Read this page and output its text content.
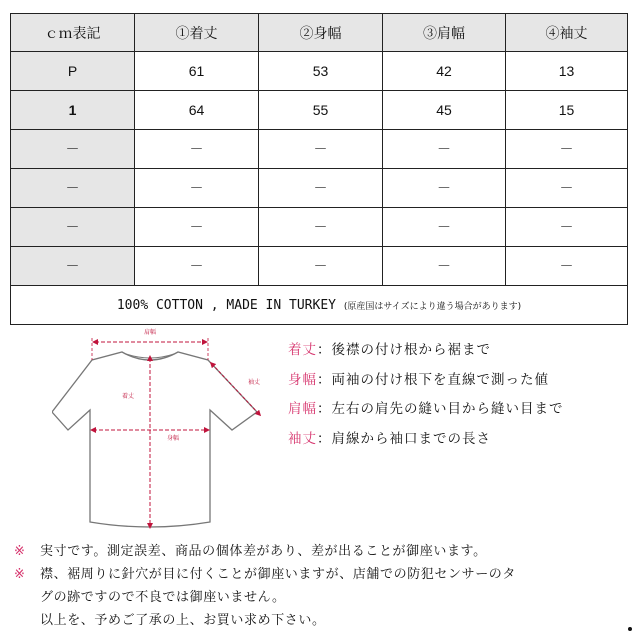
ｃｍ表記	①着丈	②身幅	③肩幅	④袖丈
P	61	53	42	13
1	64	55	45	15
－	－	－	－	－
－	－	－	－	－
－	－	－	－	－
－	－	－	－	－
100% COTTON , MADE IN TURKEY (原産国はサイズにより違う場合があります)				
肩幅
袖丈
着丈
身幅
着丈：後襟の付け根から裾まで
身幅：両袖の付け根下を直線で測った値
肩幅：左右の肩先の縫い目から縫い目まで
袖丈：肩線から袖口までの長さ
※ 実寸です。測定誤差、商品の個体差があり、差が出ることが御座います。
※ 襟、裾周りに針穴が目に付くことが御座いますが、店舗での防犯センサーのタ
グの跡ですので不良では御座いません。
以上を、予めご了承の上、お買い求め下さい。
